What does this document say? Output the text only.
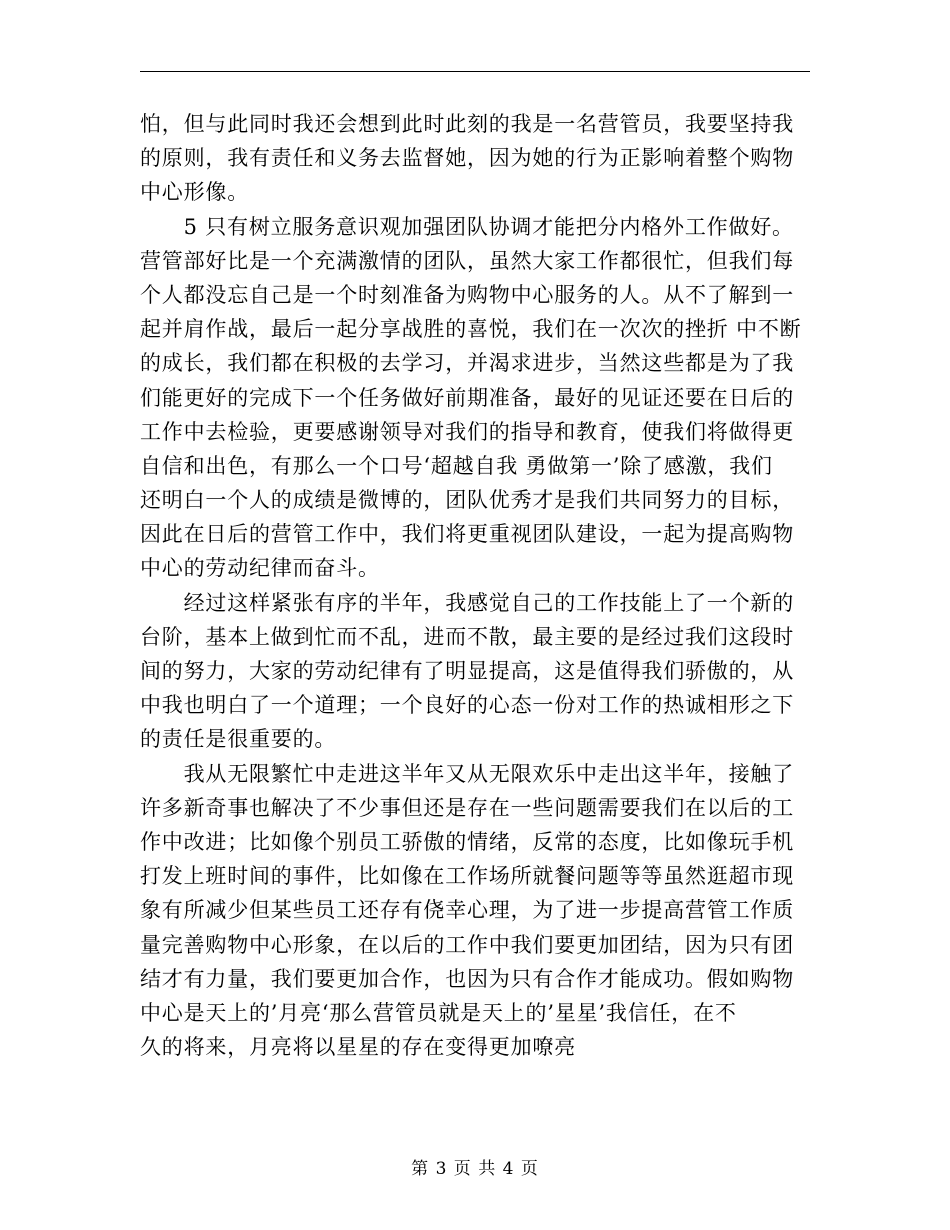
怕，但与此同时我还会想到此时此刻的我是一名营管员，我要坚持我
的原则，我有责任和义务去监督她，因为她的行为正影响着整个购物
中心形像。
　　5 只有树立服务意识观加强团队协调才能把分内格外工作做好。
营管部好比是一个充满激情的团队，虽然大家工作都很忙，但我们每
个人都没忘自己是一个时刻准备为购物中心服务的人。从不了解到一
起并肩作战，最后一起分享战胜的喜悦，我们在一次次的挫折 中不断
的成长，我们都在积极的去学习，并渴求进步，当然这些都是为了我
们能更好的完成下一个任务做好前期准备，最好的见证还要在日后的
工作中去检验，更要感谢领导对我们的指导和教育，使我们将做得更
自信和出色，有那么一个口号‘超越自我 勇做第一’除了感激，我们
还明白一个人的成绩是微博的，团队优秀才是我们共同努力的目标，
因此在日后的营管工作中，我们将更重视团队建设，一起为提高购物
中心的劳动纪律而奋斗。
　　经过这样紧张有序的半年，我感觉自己的工作技能上了一个新的
台阶，基本上做到忙而不乱，进而不散，最主要的是经过我们这段时
间的努力，大家的劳动纪律有了明显提高，这是值得我们骄傲的，从
中我也明白了一个道理；一个良好的心态一份对工作的热诚相形之下
的责任是很重要的。
　　我从无限繁忙中走进这半年又从无限欢乐中走出这半年，接触了
许多新奇事也解决了不少事但还是存在一些问题需要我们在以后的工
作中改进；比如像个别员工骄傲的情绪，反常的态度，比如像玩手机
打发上班时间的事件，比如像在工作场所就餐问题等等虽然逛超市现
象有所减少但某些员工还存有侥幸心理，为了进一步提高营管工作质
量完善购物中心形象，在以后的工作中我们要更加团结，因为只有团
结才有力量，我们要更加合作，也因为只有合作才能成功。假如购物
中心是天上的’月亮‘那么营管员就是天上的’星星’我信任，在不
久的将来，月亮将以星星的存在变得更加嘹亮
第 3 页 共 4 页
